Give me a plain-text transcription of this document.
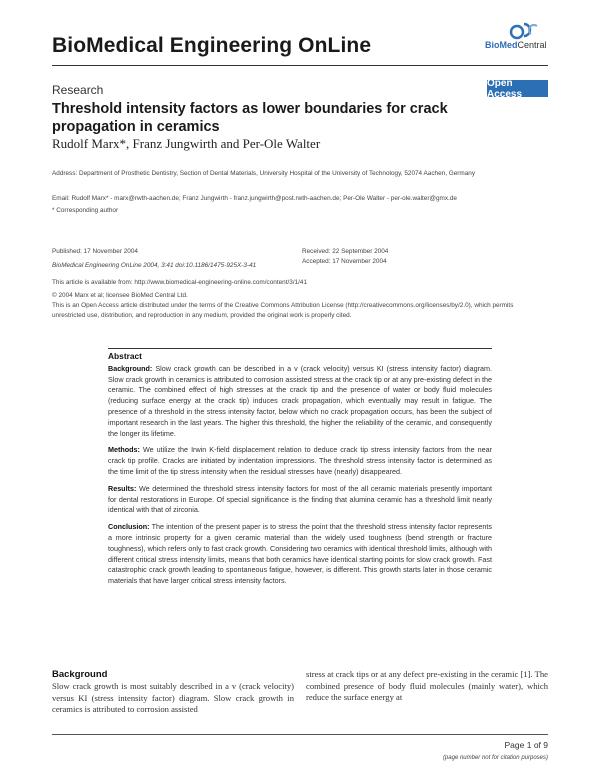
BioMedical Engineering OnLine	BioMedCentral
Research	Open Access
Threshold intensity factors as lower boundaries for crack propagation in ceramics
Rudolf Marx*, Franz Jungwirth and Per-Ole Walter
Address: Department of Prosthetic Dentistry, Section of Dental Materials, University Hospital of the University of Technology, 52074 Aachen, Germany
Email: Rudolf Marx* - marx@rwth-aachen.de; Franz Jungwirth - franz.jungwirth@post.rwth-aachen.de; Per-Ole Walter - per-ole.walter@gmx.de
* Corresponding author
Published: 17 November 2004
BioMedical Engineering OnLine 2004, 3:41 doi:10.1186/1475-925X-3-41
Received: 22 September 2004
Accepted: 17 November 2004
This article is available from: http://www.biomedical-engineering-online.com/content/3/1/41
© 2004 Marx et al; licensee BioMed Central Ltd.
This is an Open Access article distributed under the terms of the Creative Commons Attribution License (http://creativecommons.org/licenses/by/2.0), which permits unrestricted use, distribution, and reproduction in any medium, provided the original work is properly cited.
Abstract

Background: Slow crack growth can be described in a v (crack velocity) versus KI (stress intensity factor) diagram. Slow crack growth in ceramics is attributed to corrosion assisted stress at the crack tip or at any pre-existing defect in the ceramic. The combined effect of high stresses at the crack tip and the presence of water or body fluid molecules (reducing surface energy at the crack tip) induces crack propagation, which eventually may result in fatigue. The presence of a threshold in the stress intensity factor, below which no crack propagation occurs, has been the subject of important research in the last years. The higher this threshold, the higher the reliability of the ceramic, and consequently the longer its lifetime.

Methods: We utilize the Irwin K-field displacement relation to deduce crack tip stress intensity factors from the near crack tip profile. Cracks are initiated by indentation impressions. The threshold stress intensity factor is determined as the time limit of the tip stress intensity when the residual stresses have (nearly) disappeared.

Results: We determined the threshold stress intensity factors for most of the all ceramic materials presently important for dental restorations in Europe. Of special significance is the finding that alumina ceramic has a threshold limit nearly identical with that of zirconia.

Conclusion: The intention of the present paper is to stress the point that the threshold stress intensity factor represents a more intrinsic property for a given ceramic material than the widely used toughness (bend strength or fracture toughness), which refers only to fast crack growth. Considering two ceramics with identical threshold limits, although with different critical stress intensity limits, means that both ceramics have identical starting points for slow crack growth. Fast catastrophic crack growth leading to spontaneous fatigue, however, is different. This growth starts later in those ceramic materials that have larger critical stress intensity factors.

Background
Slow crack growth is most suitably described in a v (crack velocity) versus KI (stress intensity factor) diagram. Slow crack growth in ceramics is attributed to corrosion assisted
stress at crack tips or at any defect pre-existing in the ceramic [1]. The combined presence of body fluid molecules (mainly water), which reduce the surface energy at
Page 1 of 9
(page number not for citation purposes)
